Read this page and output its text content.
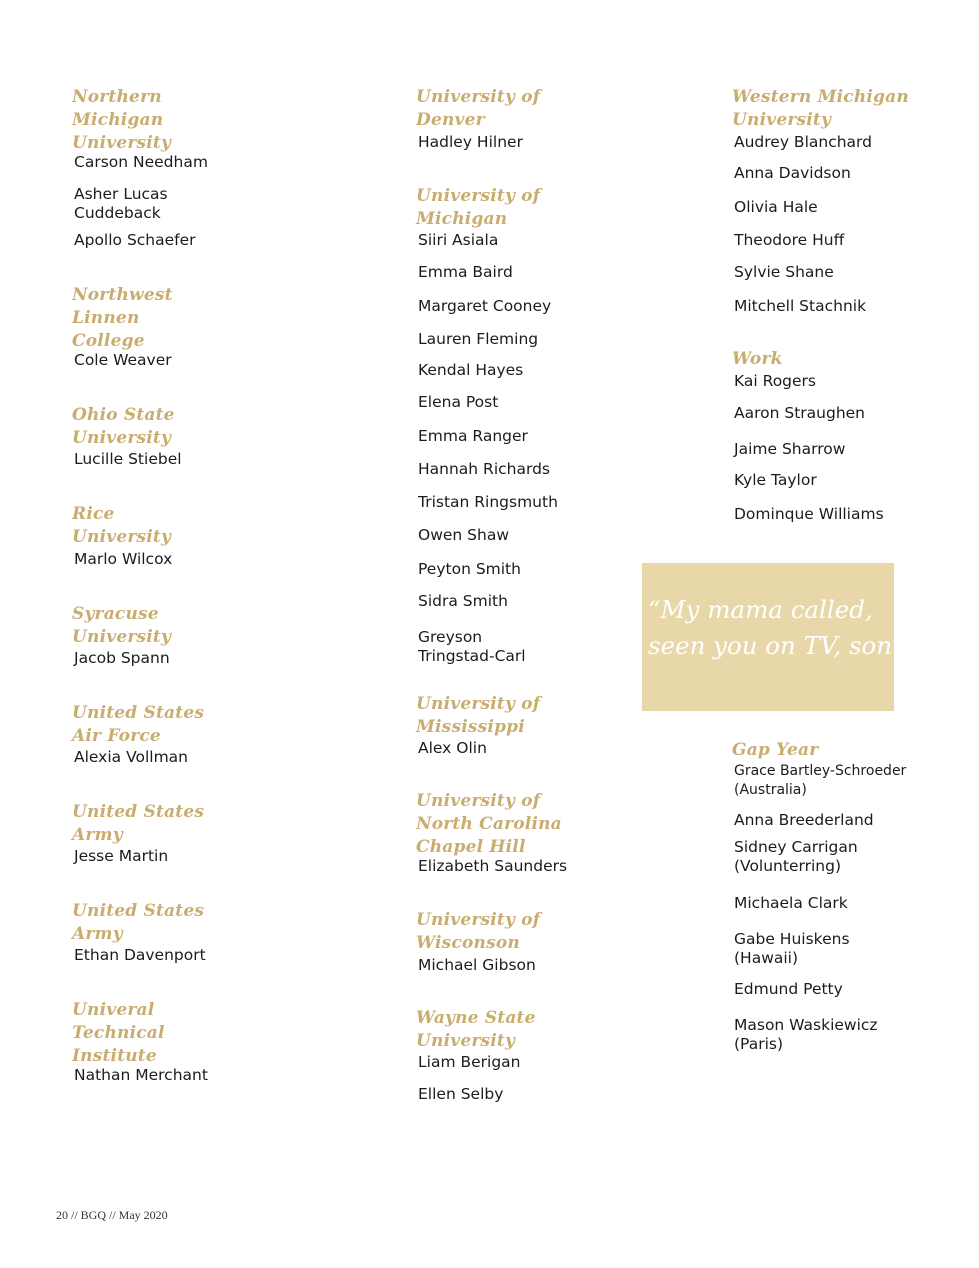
Northern
Michigan
University
Carson Needham
Asher Lucas
Cuddeback
Apollo Schaefer
Northwest
Linnen
College
Cole Weaver
Ohio State
University
Lucille Stiebel
Rice
University
Marlo Wilcox
Syracuse
University
Jacob Spann
United States
Air Force
Alexia Vollman
United States
Army
Jesse Martin
United States
Army
Ethan Davenport
Univeral
Technical
Institute
Nathan Merchant
University of
Denver
Hadley Hilner
University of
Michigan
Siiri Asiala
Emma Baird
Margaret Cooney
Lauren Fleming
Kendal Hayes
Elena Post
Emma Ranger
Hannah Richards
Tristan Ringsmuth
Owen Shaw
Peyton Smith
Sidra Smith
Greyson
Tringstad-Carl
University of
Mississippi
Alex Olin
University of
North Carolina
Chapel Hill
Elizabeth Saunders
University of
Wisconson
Michael Gibson
Wayne State
University
Liam Berigan
Ellen Selby
Western Michigan
University
Audrey Blanchard
Anna Davidson
Olivia Hale
Theodore Huff
Sylvie Shane
Mitchell Stachnik
Work
Kai Rogers
Aaron Straughen
Jaime Sharrow
Kyle Taylor
Dominque Williams
Gap Year
Grace Bartley-Schroeder
(Australia)
Anna Breederland
Sidney Carrigan
(Volunterring)
Michaela Clark
Gabe Huiskens
(Hawaii)
Edmund Petty
Mason Waskiewicz
(Paris)
“My mama called,
seen you on TV, son”
20 // BGQ // May 2020
